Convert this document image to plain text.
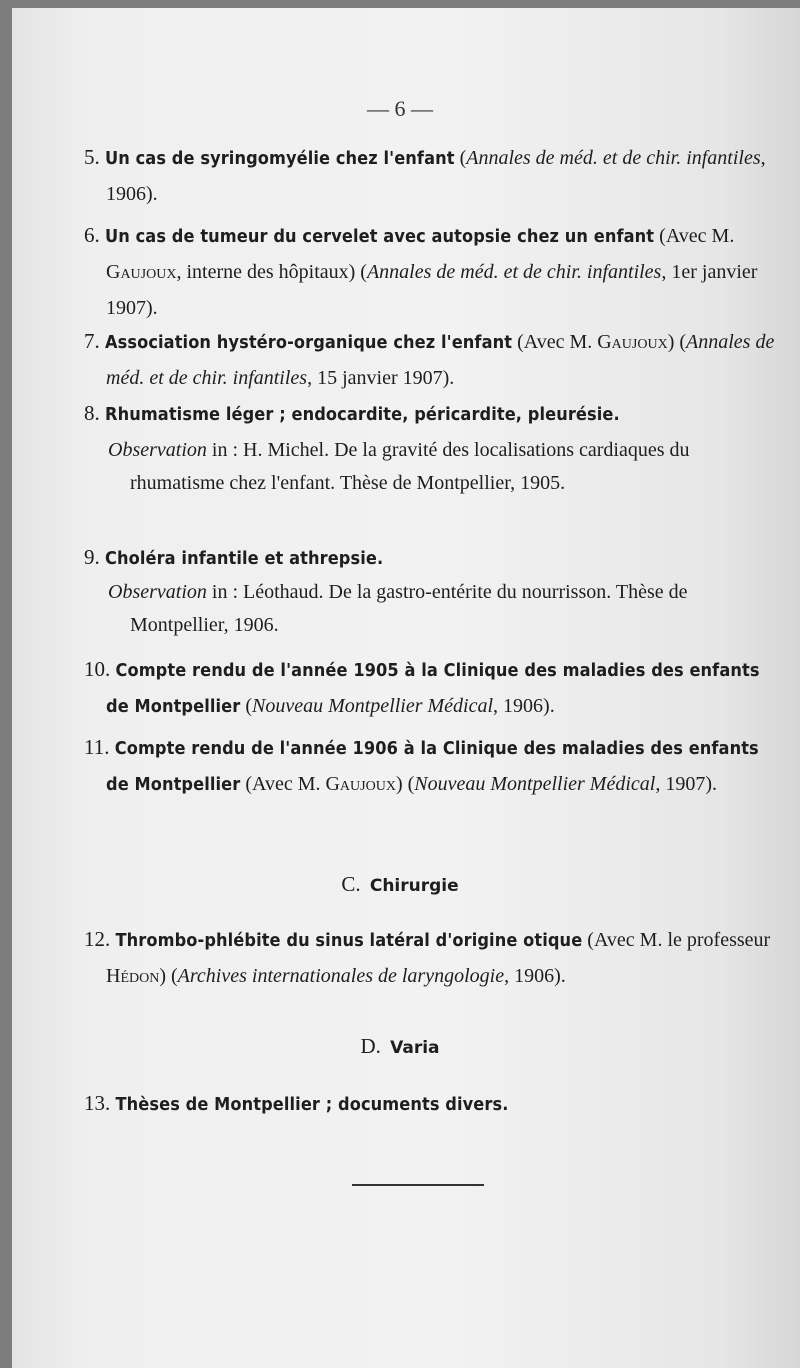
— 6 —
5. Un cas de syringomyélie chez l'enfant (Annales de méd. et de chir. infantiles, 1906).
6. Un cas de tumeur du cervelet avec autopsie chez un enfant (Avec M. Gaujoux, interne des hôpitaux) (Annales de méd. et de chir. infantiles, 1er janvier 1907).
7. Association hystéro-organique chez l'enfant (Avec M. Gaujoux) (Annales de méd. et de chir. infantiles, 15 janvier 1907).
8. Rhumatisme léger ; endocardite, péricardite, pleurésie.
Observation in : H. Michel. De la gravité des localisations cardiaques du rhumatisme chez l'enfant. Thèse de Montpellier, 1905.
9. Choléra infantile et athrepsie.
Observation in : Léothaud. De la gastro-entérite du nourrisson. Thèse de Montpellier, 1906.
10. Compte rendu de l'année 1905 à la Clinique des maladies des enfants de Montpellier (Nouveau Montpellier Médical, 1906).
11. Compte rendu de l'année 1906 à la Clinique des maladies des enfants de Montpellier (Avec M. Gaujoux) (Nouveau Montpellier Médical, 1907).
C. Chirurgie
12. Thrombo-phlébite du sinus latéral d'origine otique (Avec M. le professeur Hédon) (Archives internationales de laryngologie, 1906).
D. Varia
13. Thèses de Montpellier ; documents divers.
